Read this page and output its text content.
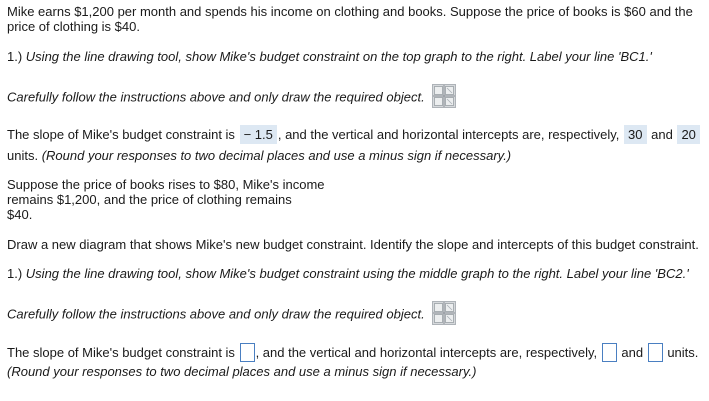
Mike earns $1,200 per month and spends his income on clothing and books. Suppose the price of books is $60 and the
price of clothing is $40.
1.) Using the line drawing tool, show Mike's budget constraint on the top graph to the right. Label your line 'BC1.'
Carefully follow the instructions above and only draw the required object.
The slope of Mike's budget constraint is − 1.5 , and the vertical and horizontal intercepts are, respectively, 30 and 20
units. (Round your responses to two decimal places and use a minus sign if necessary.)
Suppose the price of books rises to $80, Mike's income
remains $1,200, and the price of clothing remains
$40.
Draw a new diagram that shows Mike's new budget constraint. Identify the slope and intercepts of this budget constraint.
1.) Using the line drawing tool, show Mike's budget constraint using the middle graph to the right. Label your line 'BC2.'
Carefully follow the instructions above and only draw the required object.
The slope of Mike's budget constraint is , and the vertical and horizontal intercepts are, respectively, and units.
(Round your responses to two decimal places and use a minus sign if necessary.)
